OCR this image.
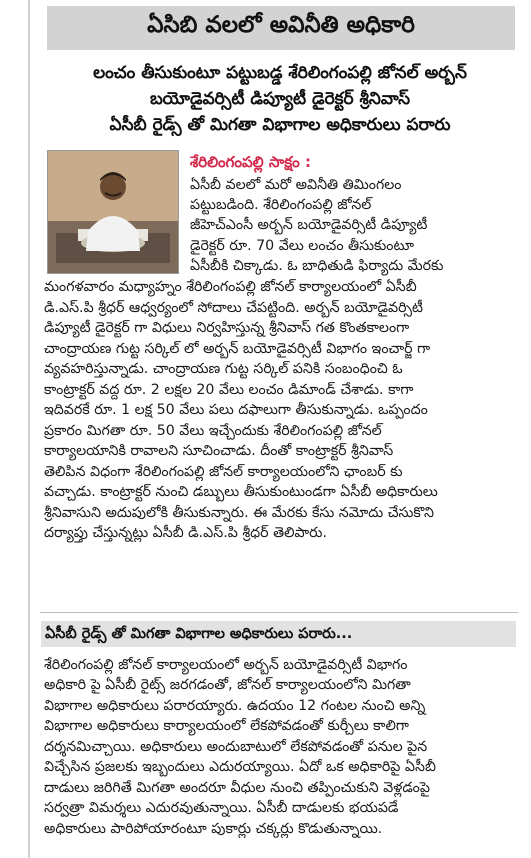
ఏసిబి వలలో అవినీతి అధికారి
లంచం తీసుకుంటూ పట్టుబడ్డ శేరిలింగంపల్లి జోనల్ అర్బన్
బయోడైవర్సిటీ డిప్యూటీ డైరెక్టర్ శ్రీనివాస్
ఏసీబీ రైడ్స్ తో మిగతా విభాగాల అధికారులు పరారు
శేరిలింగంపల్లి సాక్షం :
ఏసీబీ వలలో మరో అవినీతి తిమింగలం
పట్టుబడింది. శేరిలింగంపల్లి జోనల్
జీహెచ్ఎంసీ అర్బన్ బయోడైవర్సిటీ డిప్యూటీ
డైరెక్టర్ రూ. 70 వేలు లంచం తీసుకుంటూ
ఏసీబీకి చిక్కాడు. ఓ బాధితుడి ఫిర్యాదు మేరకు
మంగళవారం మధ్యాహ్నం శేరిలింగంపల్లి జోనల్ కార్యాలయంలో ఏసీబీ
డి.ఎస్.పి శ్రీధర్ ఆధ్వర్యంలో సోదాలు చేపట్టింది. అర్బన్ బయోడైవర్సిటీ
డిప్యూటీ డైరెక్టర్ గా విధులు నిర్వహిస్తున్న శ్రీనివాస్ గత కొంతకాలంగా
చాంద్రాయణ గుట్ట సర్కిల్ లో అర్బన్ బయోడైవర్సిటీ విభాగం ఇంచార్జ్ గా
వ్యవహరిస్తున్నాడు. చాంద్రాయణ గుట్ట సర్కిల్ పనికి సంబంధించి ఓ
కాంట్రాక్టర్ వద్ద రూ. 2 లక్షల 20 వేలు లంచం డిమాండ్ చేశాడు. కాగా
ఇదివరకే రూ. 1 లక్ష 50 వేలు పలు దఫాలుగా తీసుకున్నాడు. ఒప్పందం
ప్రకారం మిగతా రూ. 50 వేలు ఇచ్చేందుకు శేరిలింగంపల్లి జోనల్
కార్యాలయానికి రావాలని సూచించాడు. దీంతో కాంట్రాక్టర్ శ్రీనివాస్
తెలిపిన విధంగా శేరిలింగంపల్లి జోనల్ కార్యాలయంలోని ఛాంబర్ కు
వచ్చాడు. కాంట్రాక్టర్ నుంచి డబ్బులు తీసుకుంటుండగా ఏసీబీ అధికారులు
శ్రీనివాసుని అదుపులోకి తీసుకున్నారు. ఈ మేరకు కేసు నమోదు చేసుకొని
దర్యాప్తు చేస్తున్నట్లు ఏసీబీ డి.ఎస్.పి శ్రీధర్ తెలిపారు.
ఏసీబీ రైడ్స్ తో మిగతా విభాగాల అధికారులు పరారు...
శేరిలింగంపల్లి జోనల్ కార్యాలయంలో అర్బన్ బయోడైవర్సిటీ విభాగం
అధికారి పై ఏసీబీ రైట్స్ జరగడంతో, జోనల్ కార్యాలయంలోని మిగతా
విభాగాల అధికారులు పరారయ్యారు. ఉదయం 12 గంటల నుంచి అన్ని
విభాగాల అధికారులు కార్యాలయంలో లేకపోవడంతో కుర్చీలు కాలిగా
దర్శనమిచ్చాయి. అధికారులు అందుబాటులో లేకపోవడంతో పనుల పైన
విచ్చేసిన ప్రజలకు ఇబ్బందులు ఎదురయ్యాయి. ఏదో ఒక అధికారిపై ఏసీబీ
దాడులు జరిగితే మిగతా అందరూ వీధుల నుంచి తప్పించుకుని వెళ్లడంపై
సర్వత్రా విమర్శలు ఎదురవుతున్నాయి. ఏసీబీ దాడులకు భయపడే
అధికారులు పారిపోయారంటూ పుకార్లు చక్కర్లు కొడుతున్నాయి.
